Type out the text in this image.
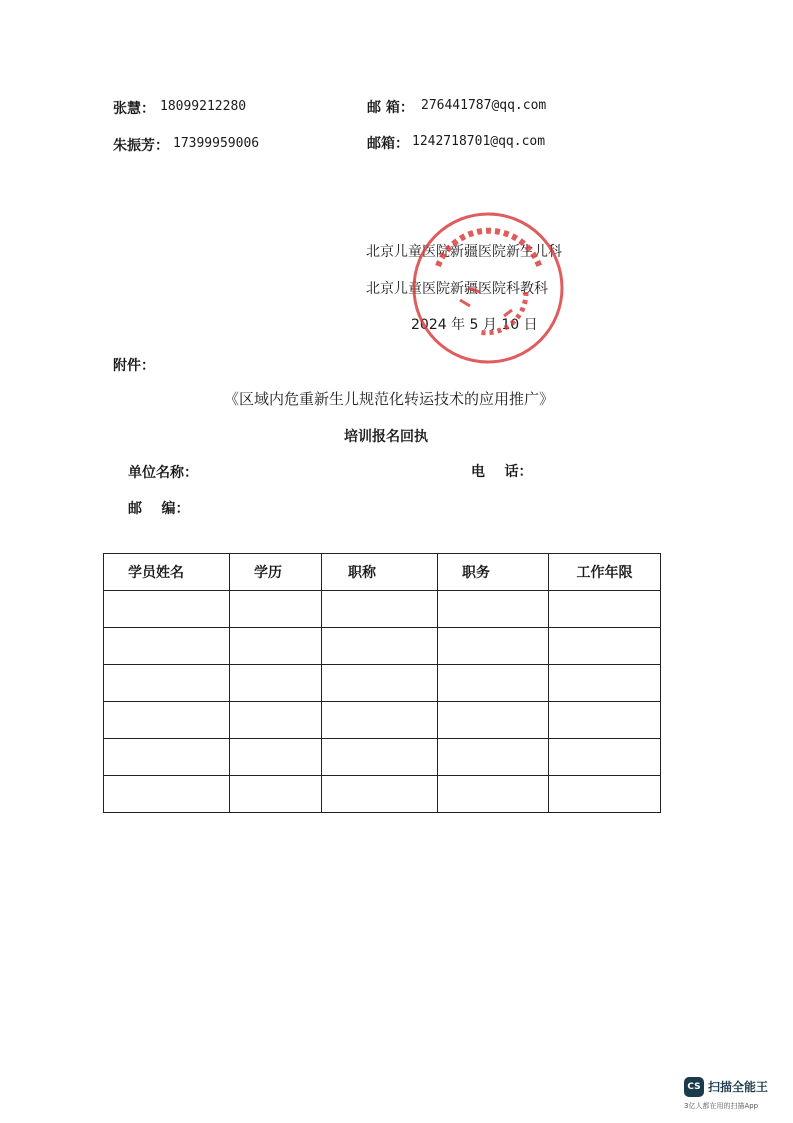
张慧： 18099212280	邮 箱： 276441787@qq.com
朱振芳： 17399959006	邮箱： 1242718701@qq.com
北京儿童医院新疆医院新生儿科
北京儿童医院新疆医院科教科
2024 年 5 月 10 日
附件：
《区域内危重新生儿规范化转运技术的应用推广》
培训报名回执
单位名称：	电    话：
邮    编：
学员姓名	学历	职称	职务	工作年限

CS 扫描全能王
3亿人都在用的扫描App
